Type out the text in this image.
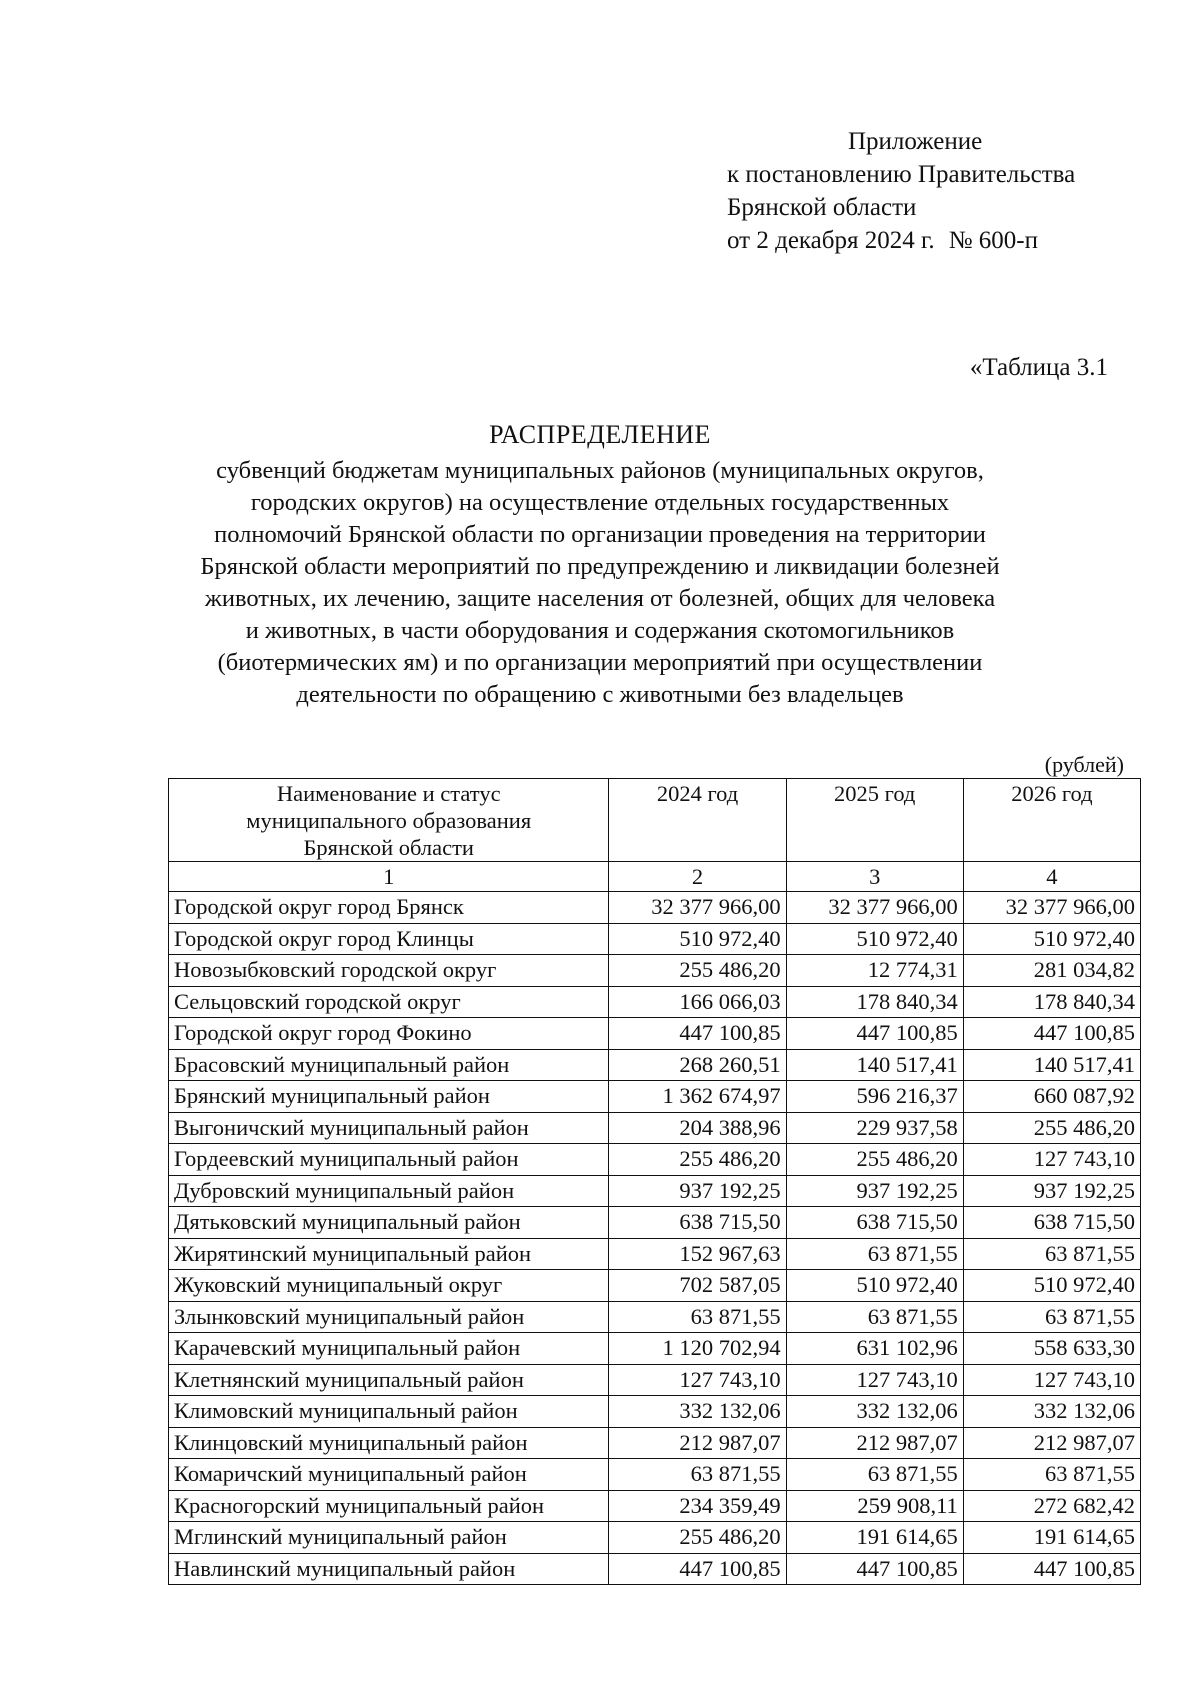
Приложение
к постановлению Правительства
Брянской области
от 2 декабря 2024 г. № 600-п
«Таблица 3.1
РАСПРЕДЕЛЕНИЕ
субвенций бюджетам муниципальных районов (муниципальных округов,
городских округов) на осуществление отдельных государственных
полномочий Брянской области по организации проведения на территории
Брянской области мероприятий по предупреждению и ликвидации болезней
животных, их лечению, защите населения от болезней, общих для человека
и животных, в части оборудования и содержания скотомогильников
(биотермических ям) и по организации мероприятий при осуществлении
деятельности по обращению с животными без владельцев
(рублей)
Наименование и статус
муниципального образования
Брянской области	2024 год	2025 год	2026 год
1	2	3	4
Городской округ город Брянск	32 377 966,00	32 377 966,00	32 377 966,00
Городской округ город Клинцы	510 972,40	510 972,40	510 972,40
Новозыбковский городской округ	255 486,20	12 774,31	281 034,82
Сельцовский городской округ	166 066,03	178 840,34	178 840,34
Городской округ город Фокино	447 100,85	447 100,85	447 100,85
Брасовский муниципальный район	268 260,51	140 517,41	140 517,41
Брянский муниципальный район	1 362 674,97	596 216,37	660 087,92
Выгоничский муниципальный район	204 388,96	229 937,58	255 486,20
Гордеевский муниципальный район	255 486,20	255 486,20	127 743,10
Дубровский муниципальный район	937 192,25	937 192,25	937 192,25
Дятьковский муниципальный район	638 715,50	638 715,50	638 715,50
Жирятинский муниципальный район	152 967,63	63 871,55	63 871,55
Жуковский муниципальный округ	702 587,05	510 972,40	510 972,40
Злынковский муниципальный район	63 871,55	63 871,55	63 871,55
Карачевский муниципальный район	1 120 702,94	631 102,96	558 633,30
Клетнянский муниципальный район	127 743,10	127 743,10	127 743,10
Климовский муниципальный район	332 132,06	332 132,06	332 132,06
Клинцовский муниципальный район	212 987,07	212 987,07	212 987,07
Комаричский муниципальный район	63 871,55	63 871,55	63 871,55
Красногорский муниципальный район	234 359,49	259 908,11	272 682,42
Мглинский муниципальный район	255 486,20	191 614,65	191 614,65
Навлинский муниципальный район	447 100,85	447 100,85	447 100,85
